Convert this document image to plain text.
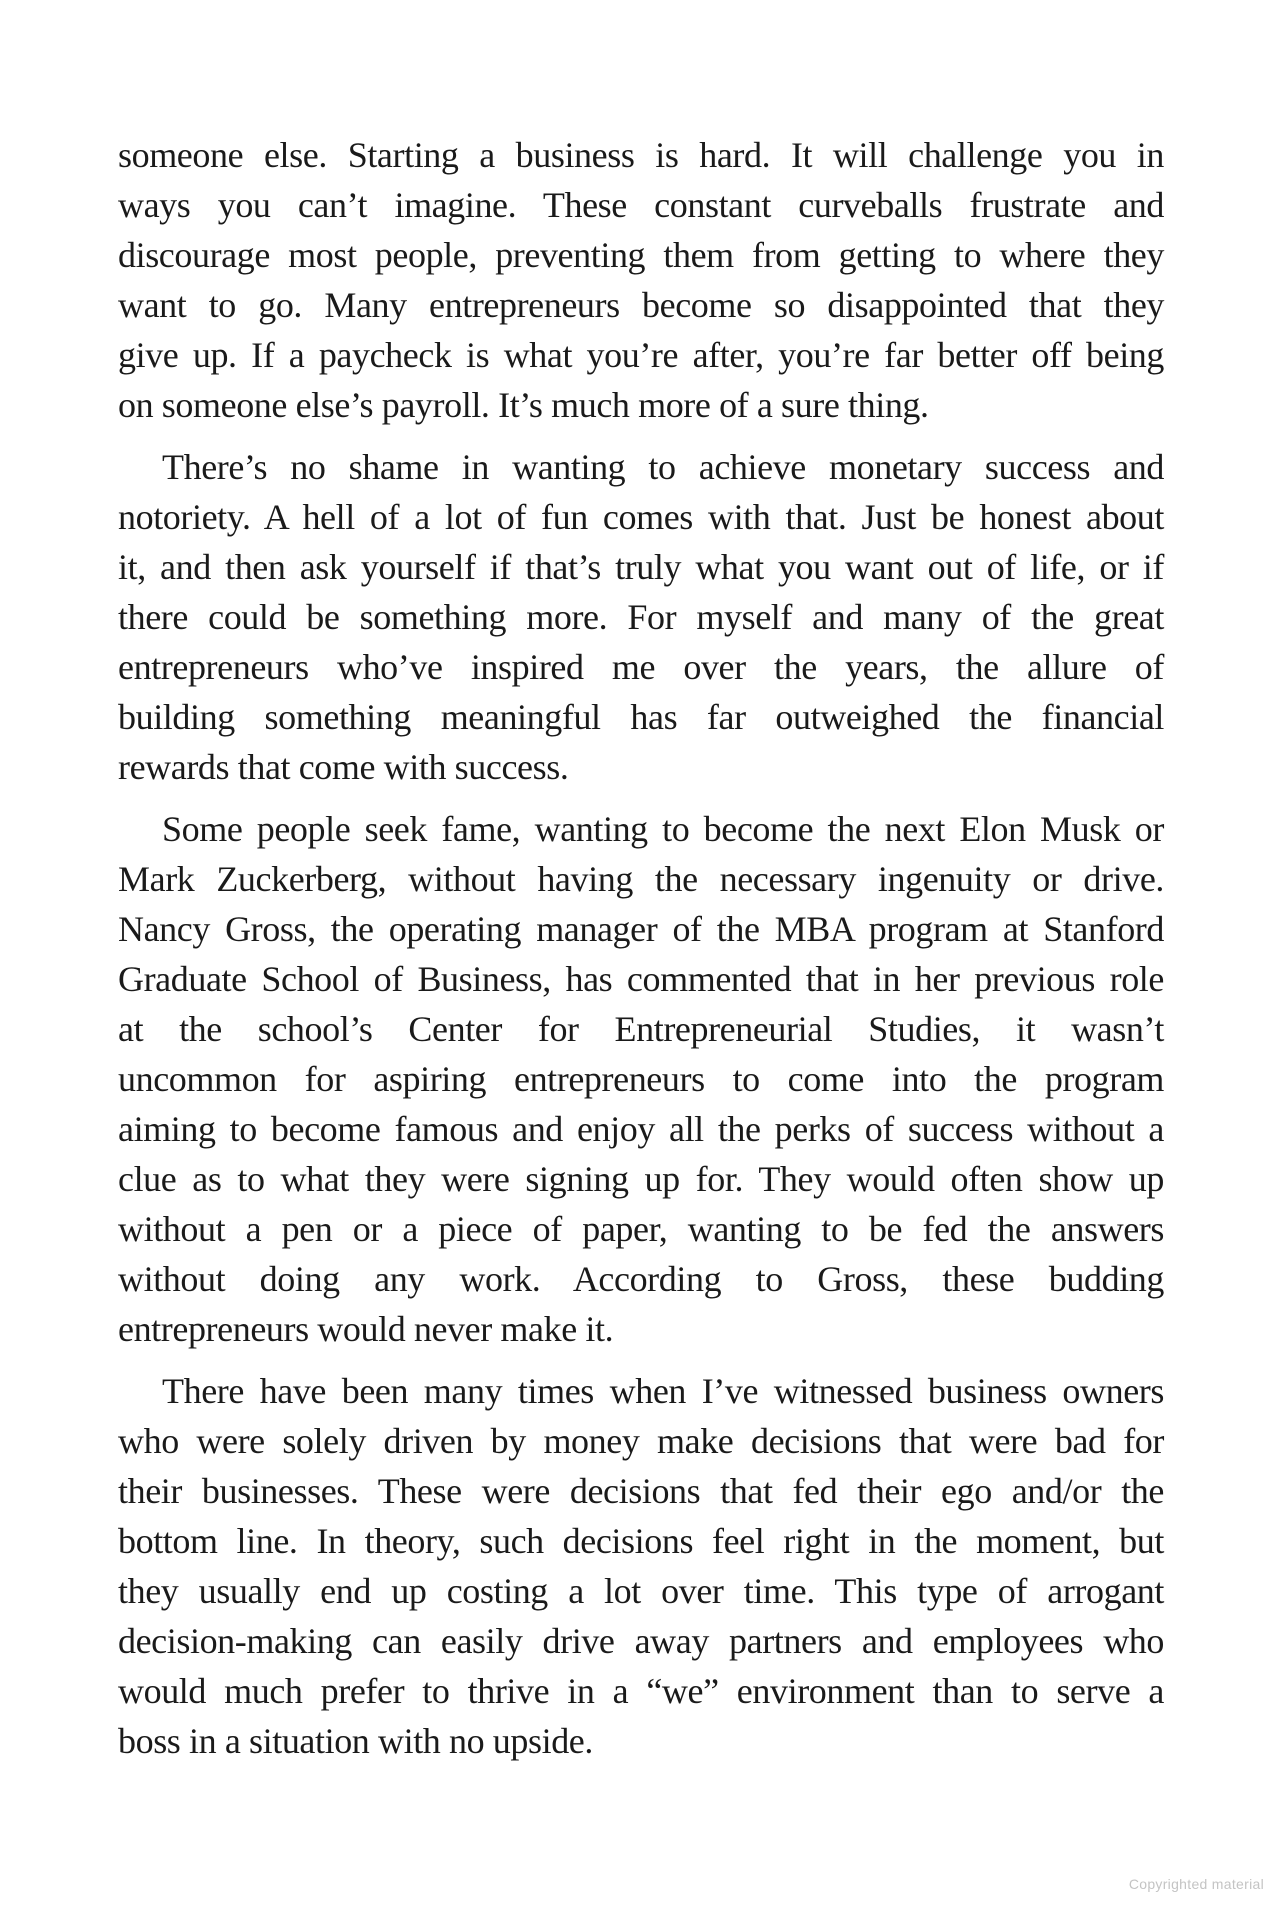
someone else. Starting a business is hard. It will challenge you in
ways you can’t imagine. These constant curveballs frustrate and
discourage most people, preventing them from getting to where they
want to go. Many entrepreneurs become so disappointed that they
give up. If a paycheck is what you’re after, you’re far better off being
on someone else’s payroll. It’s much more of a sure thing.

There’s no shame in wanting to achieve monetary success and
notoriety. A hell of a lot of fun comes with that. Just be honest about
it, and then ask yourself if that’s truly what you want out of life, or if
there could be something more. For myself and many of the great
entrepreneurs who’ve inspired me over the years, the allure of
building something meaningful has far outweighed the financial
rewards that come with success.

Some people seek fame, wanting to become the next Elon Musk or
Mark Zuckerberg, without having the necessary ingenuity or drive.
Nancy Gross, the operating manager of the MBA program at Stanford
Graduate School of Business, has commented that in her previous role
at the school’s Center for Entrepreneurial Studies, it wasn’t
uncommon for aspiring entrepreneurs to come into the program
aiming to become famous and enjoy all the perks of success without a
clue as to what they were signing up for. They would often show up
without a pen or a piece of paper, wanting to be fed the answers
without doing any work. According to Gross, these budding
entrepreneurs would never make it.

There have been many times when I’ve witnessed business owners
who were solely driven by money make decisions that were bad for
their businesses. These were decisions that fed their ego and/or the
bottom line. In theory, such decisions feel right in the moment, but
they usually end up costing a lot over time. This type of arrogant
decision-making can easily drive away partners and employees who
would much prefer to thrive in a “we” environment than to serve a
boss in a situation with no upside.

Copyrighted material
